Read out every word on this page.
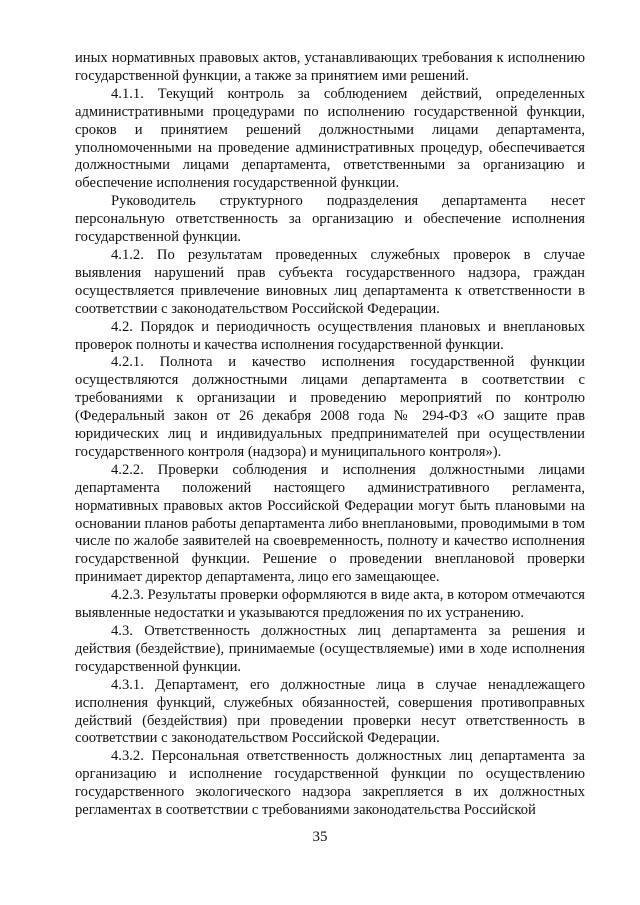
иных нормативных правовых актов, устанавливающих требования к исполнению государственной функции, а также за принятием ими решений.

4.1.1. Текущий контроль за соблюдением действий, определенных административными процедурами по исполнению государственной функции, сроков и принятием решений должностными лицами департамента, уполномоченными на проведение административных процедур, обеспечивается должностными лицами департамента, ответственными за организацию и обеспечение исполнения государственной функции.

Руководитель структурного подразделения департамента несет персональную ответственность за организацию и обеспечение исполнения государственной функции.

4.1.2. По результатам проведенных служебных проверок в случае выявления нарушений прав субъекта государственного надзора, граждан осуществляется привлечение виновных лиц департамента к ответственности в соответствии с законодательством Российской Федерации.

4.2. Порядок и периодичность осуществления плановых и внеплановых проверок полноты и качества исполнения государственной функции.

4.2.1. Полнота и качество исполнения государственной функции осуществляются должностными лицами департамента в соответствии с требованиями к организации и проведению мероприятий по контролю (Федеральный закон от 26 декабря 2008 года № 294-ФЗ «О защите прав юридических лиц и индивидуальных предпринимателей при осуществлении государственного контроля (надзора) и муниципального контроля»).

4.2.2. Проверки соблюдения и исполнения должностными лицами департамента положений настоящего административного регламента, нормативных правовых актов Российской Федерации могут быть плановыми на основании планов работы департамента либо внеплановыми, проводимыми в том числе по жалобе заявителей на своевременность, полноту и качество исполнения государственной функции. Решение о проведении внеплановой проверки принимает директор департамента, лицо его замещающее.

4.2.3. Результаты проверки оформляются в виде акта, в котором отмечаются выявленные недостатки и указываются предложения по их устранению.

4.3. Ответственность должностных лиц департамента за решения и действия (бездействие), принимаемые (осуществляемые) ими в ходе исполнения государственной функции.

4.3.1. Департамент, его должностные лица в случае ненадлежащего исполнения функций, служебных обязанностей, совершения противоправных действий (бездействия) при проведении проверки несут ответственность в соответствии с законодательством Российской Федерации.

4.3.2. Персональная ответственность должностных лиц департамента за организацию и исполнение государственной функции по осуществлению государственного экологического надзора закрепляется в их должностных регламентах в соответствии с требованиями законодательства Российской

35
